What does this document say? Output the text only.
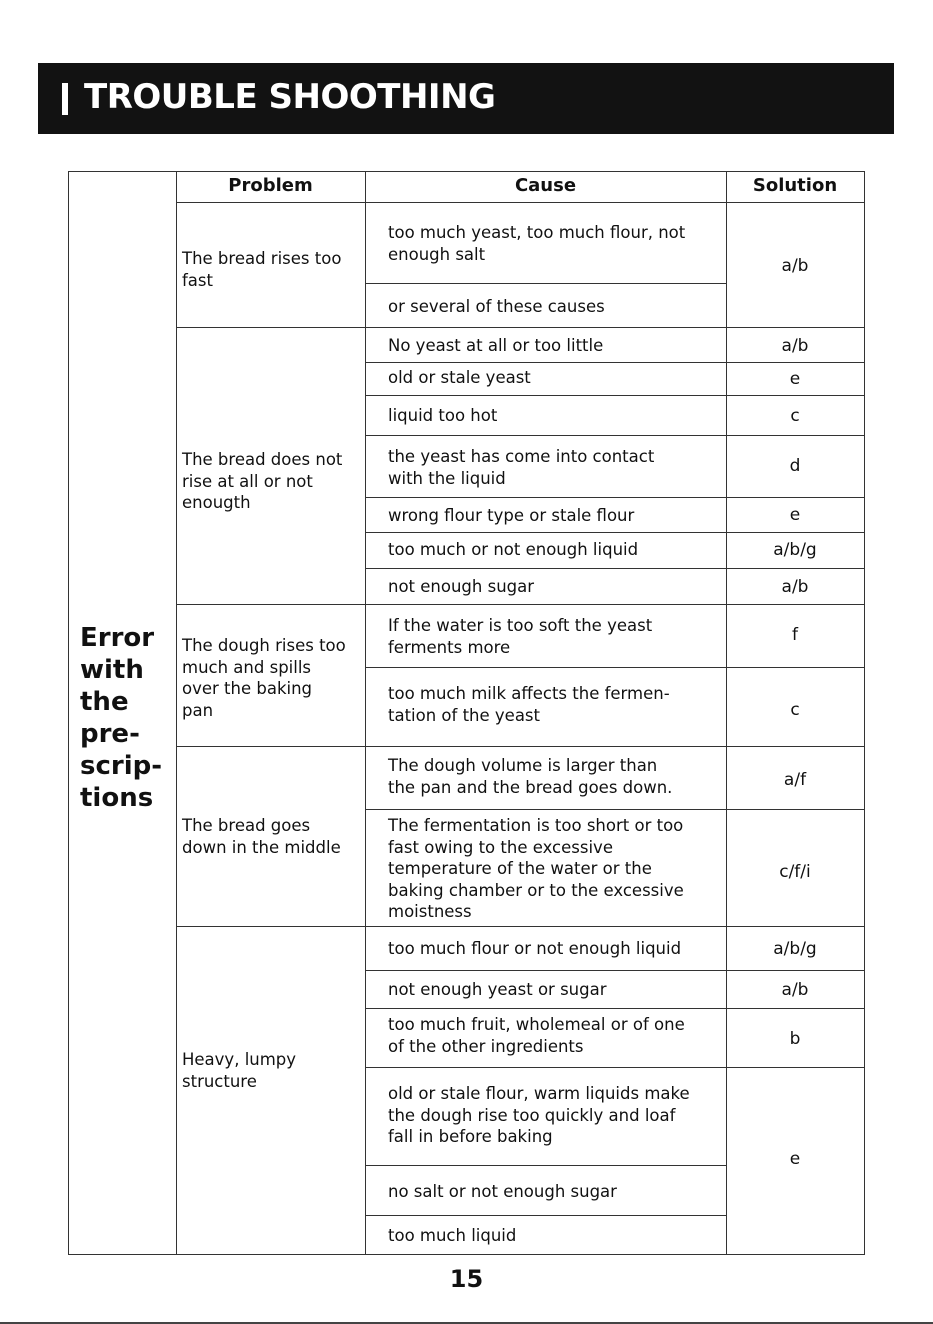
TROUBLE SHOOTHING
Error
with
the
pre-
scrip-
tions
Problem	Cause	Solution
The bread rises too
fast
The bread does not
rise at all or not
enougth
The dough rises too
much and spills
over the baking
pan
The bread goes
down in the middle
Heavy, lumpy
structure
too much yeast, too much flour, not
enough salt
or several of these causes
No yeast at all or too little
old or stale yeast
liquid too hot
the yeast has come into contact
with the liquid
wrong flour type or stale flour
too much or not enough liquid
not enough sugar
If the water is too soft the yeast
ferments more
too much milk affects the fermen-
tation of the yeast
The dough volume is larger than
the pan and the bread goes down.
The fermentation is too short or too
fast owing to the excessive
temperature of the water or the
baking chamber or to the excessive
moistness
too much flour or not enough liquid
not enough yeast or sugar
too much fruit, wholemeal or of one
of the other ingredients
old or stale flour, warm liquids make
the dough rise too quickly and loaf
fall in before baking
no salt or not enough sugar
too much liquid
a/b
a/b
e
c
d
e
a/b/g
a/b
f
c
a/f
c/f/i
a/b/g
a/b
b
e
15
